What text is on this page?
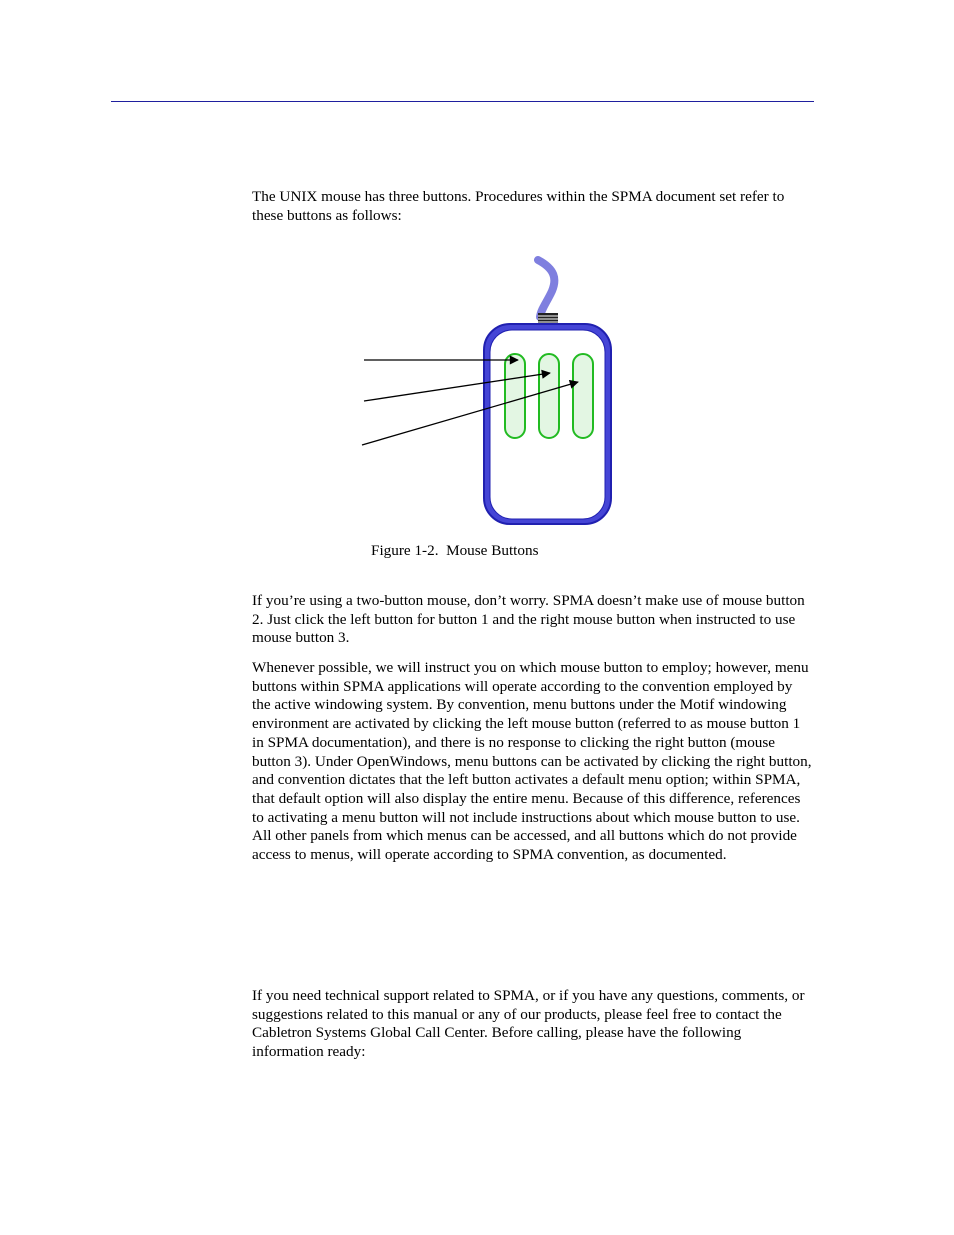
The UNIX mouse has three buttons. Procedures within the SPMA document set refer to these buttons as follows:

Figure 1-2.  Mouse Buttons

If you’re using a two-button mouse, don’t worry. SPMA doesn’t make use of mouse button 2. Just click the left button for button 1 and the right mouse button when instructed to use mouse button 3.

Whenever possible, we will instruct you on which mouse button to employ; however, menu buttons within SPMA applications will operate according to the convention employed by the active windowing system. By convention, menu buttons under the Motif windowing environment are activated by clicking the left mouse button (referred to as mouse button 1 in SPMA documentation), and there is no response to clicking the right button (mouse button 3). Under OpenWindows, menu buttons can be activated by clicking the right button, and convention dictates that the left button activates a default menu option; within SPMA, that default option will also display the entire menu. Because of this difference, references to activating a menu button will not include instructions about which mouse button to use. All other panels from which menus can be accessed, and all buttons which do not provide access to menus, will operate according to SPMA convention, as documented.

If you need technical support related to SPMA, or if you have any questions, comments, or suggestions related to this manual or any of our products, please feel free to contact the Cabletron Systems Global Call Center. Before calling, please have the following information ready:
